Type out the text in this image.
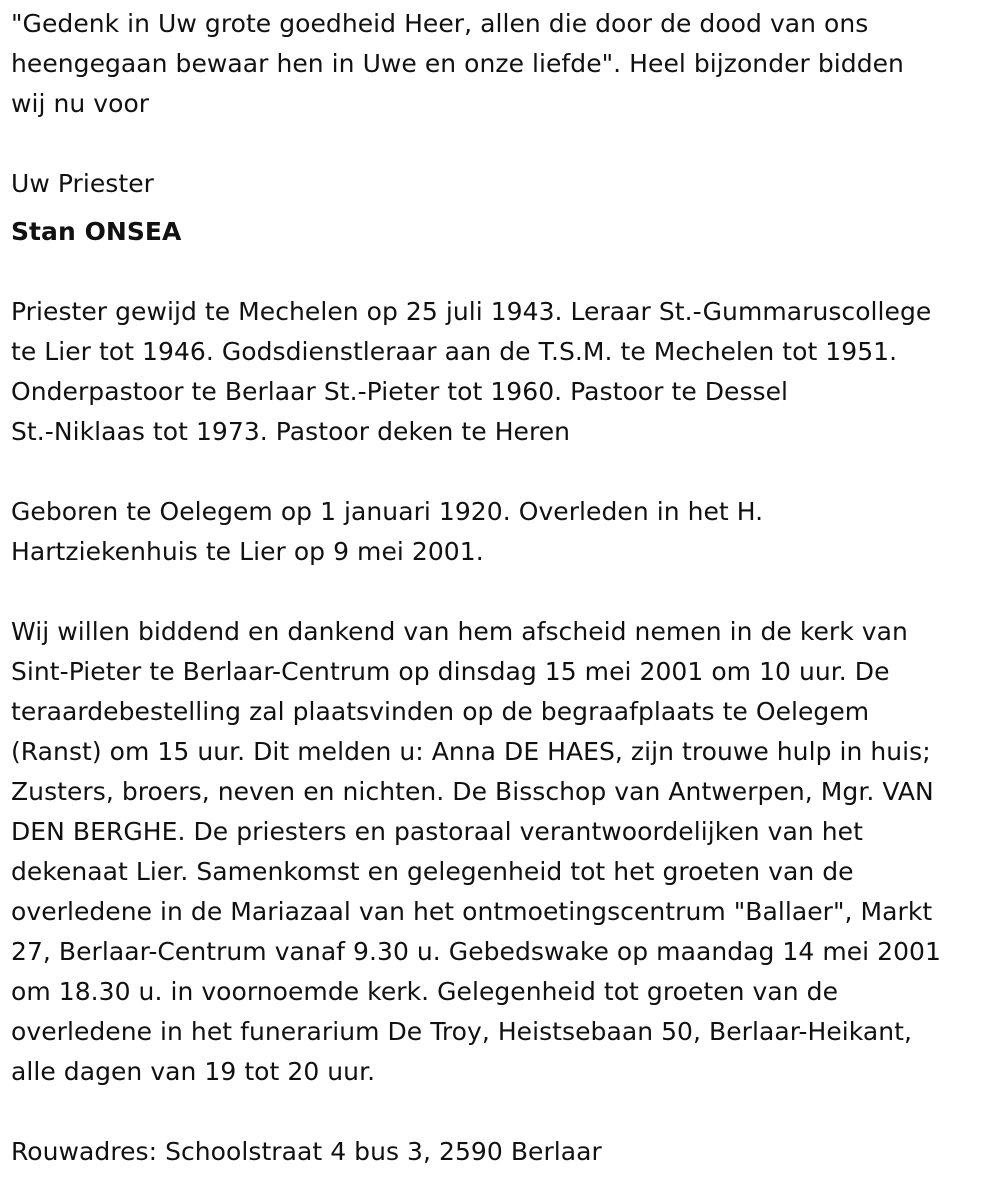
"Gedenk in Uw grote goedheid Heer, allen die door de dood van ons
heengegaan bewaar hen in Uwe en onze liefde". Heel bijzonder bidden
wij nu voor

Uw Priester

Stan ONSEA

Priester gewijd te Mechelen op 25 juli 1943. Leraar St.-Gummaruscollege
te Lier tot 1946. Godsdienstleraar aan de T.S.M. te Mechelen tot 1951.
Onderpastoor te Berlaar St.-Pieter tot 1960. Pastoor te Dessel
St.-Niklaas tot 1973. Pastoor deken te Heren

Geboren te Oelegem op 1 januari 1920. Overleden in het H.
Hartziekenhuis te Lier op 9 mei 2001.

Wij willen biddend en dankend van hem afscheid nemen in de kerk van
Sint-Pieter te Berlaar-Centrum op dinsdag 15 mei 2001 om 10 uur. De
teraardebestelling zal plaatsvinden op de begraafplaats te Oelegem
(Ranst) om 15 uur. Dit melden u: Anna DE HAES, zijn trouwe hulp in huis;
Zusters, broers, neven en nichten. De Bisschop van Antwerpen, Mgr. VAN
DEN BERGHE. De priesters en pastoraal verantwoordelijken van het
dekenaat Lier. Samenkomst en gelegenheid tot het groeten van de
overledene in de Mariazaal van het ontmoetingscentrum "Ballaer", Markt
27, Berlaar-Centrum vanaf 9.30 u. Gebedswake op maandag 14 mei 2001
om 18.30 u. in voornoemde kerk. Gelegenheid tot groeten van de
overledene in het funerarium De Troy, Heistsebaan 50, Berlaar-Heikant,
alle dagen van 19 tot 20 uur.

Rouwadres: Schoolstraat 4 bus 3, 2590 Berlaar
